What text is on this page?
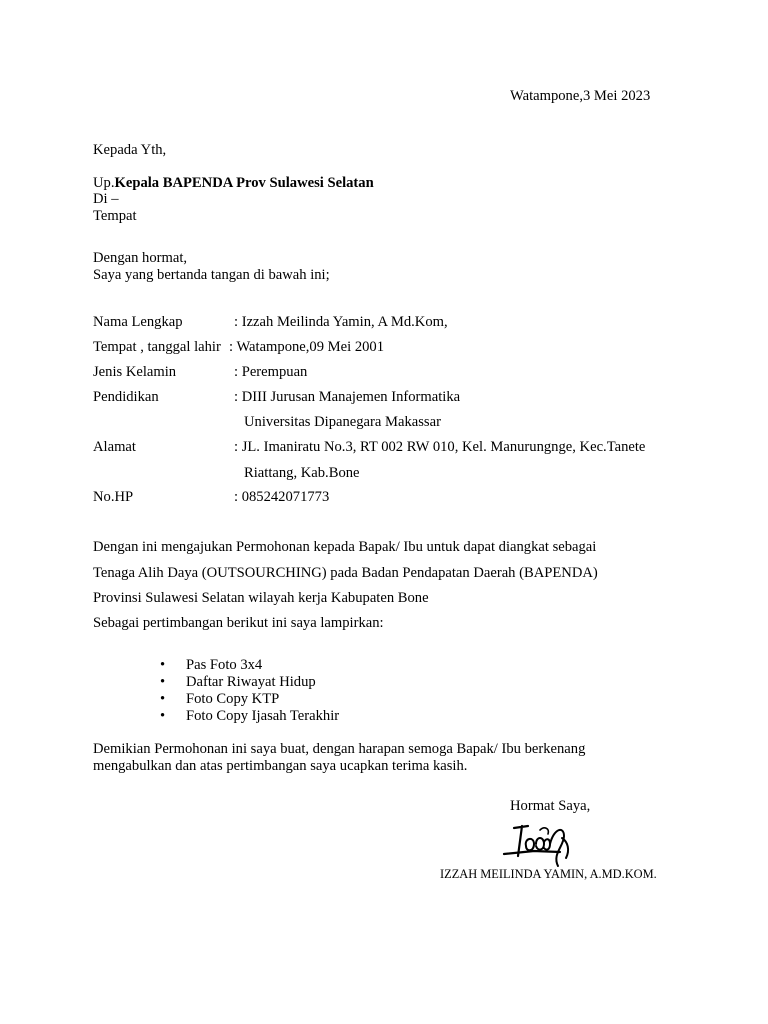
Watampone,3 Mei 2023
Kepada Yth,
Up.Kepala BAPENDA Prov Sulawesi Selatan
Di –
Tempat
Dengan hormat,
Saya yang bertanda tangan di bawah ini;
Nama Lengkap	: Izzah Meilinda Yamin, A Md.Kom,
Tempat , tanggal lahir : Watampone,09 Mei 2001
Jenis Kelamin	: Perempuan
Pendidikan	: DIII Jurusan Manajemen Informatika
Universitas Dipanegara Makassar
Alamat	: JL. Imaniratu No.3, RT 002 RW 010, Kel. Manurungnge, Kec.Tanete
Riattang, Kab.Bone
No.HP	: 085242071773
Dengan ini mengajukan Permohonan kepada Bapak/ Ibu untuk dapat diangkat sebagai
Tenaga Alih Daya (OUTSOURCHING) pada Badan Pendapatan Daerah (BAPENDA)
Provinsi Sulawesi Selatan wilayah kerja Kabupaten Bone
Sebagai pertimbangan berikut ini saya lampirkan:
• Pas Foto 3x4
• Daftar Riwayat Hidup
• Foto Copy KTP
• Foto Copy Ijasah Terakhir
Demikian Permohonan ini saya buat, dengan harapan semoga Bapak/ Ibu berkenang
mengabulkan dan atas pertimbangan saya ucapkan terima kasih.
Hormat Saya,
IZZAH MEILINDA YAMIN, A.MD.KOM.
